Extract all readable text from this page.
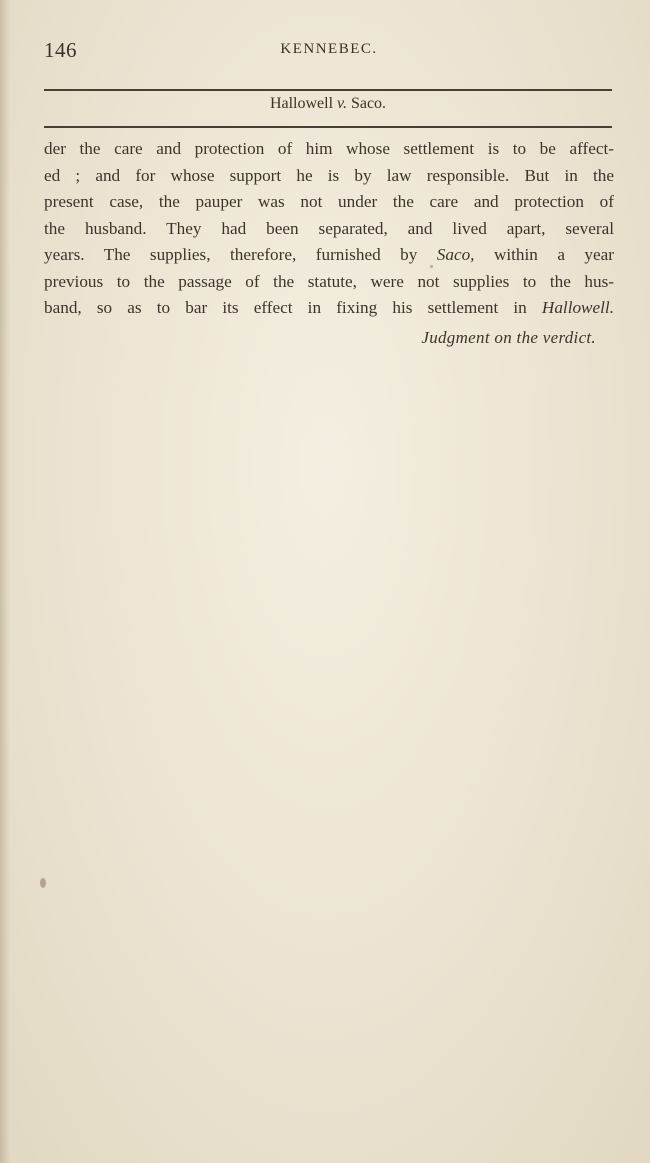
146	KENNEBEC.
Hallowell v. Saco.
der the care and protection of him whose settlement is to be affect-
ed ; and for whose support he is by law responsible. But in the
present case, the pauper was not under the care and protection of
the husband. They had been separated, and lived apart, several
years. The supplies, therefore, furnished by Saco, within a year
previous to the passage of the statute, were not supplies to the hus-
band, so as to bar its effect in fixing his settlement in Hallowell.
Judgment on the verdict.
